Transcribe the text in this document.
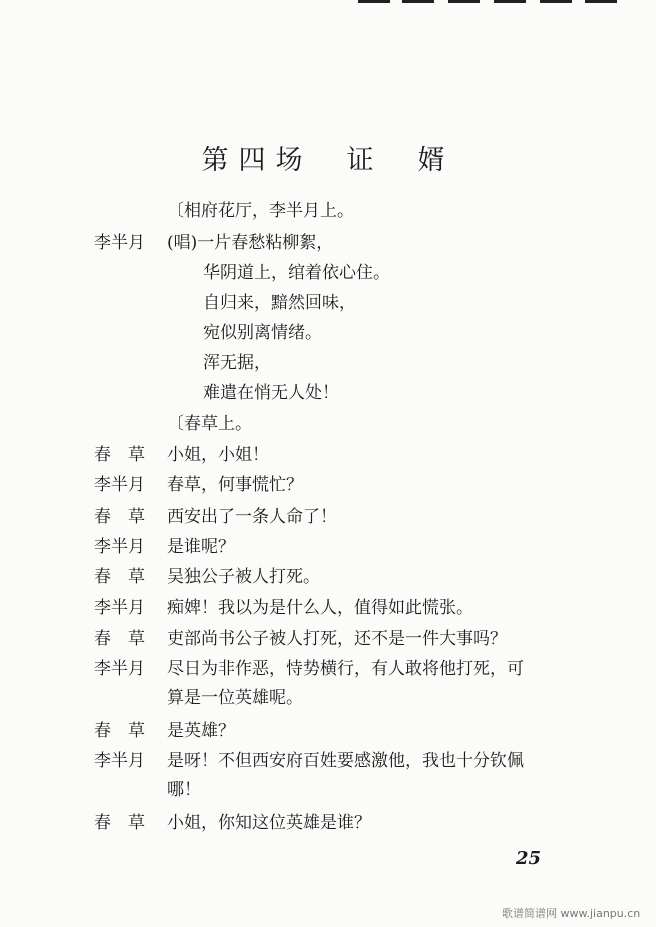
第四场 证 婿
〔相府花厅，李半月上。
李半月 (唱)一片春愁粘柳絮，
华阴道上，绾着依心住。
自归来，黯然回味，
宛似别离情绪。
浑无据，
难遣在悄无人处！
〔春草上。
春　草 小姐，小姐！
李半月 春草，何事慌忙？
春　草 西安出了一条人命了！
李半月 是谁呢？
春　草 吴独公子被人打死。
李半月 痴婢！我以为是什么人，值得如此慌张。
春　草 吏部尚书公子被人打死，还不是一件大事吗？
李半月 尽日为非作恶，恃势横行，有人敢将他打死，可
算是一位英雄呢。
春　草 是英雄？
李半月 是呀！不但西安府百姓要感激他，我也十分钦佩
哪！
春　草 小姐，你知这位英雄是谁？
25
歌谱简谱网 www.jianpu.cn
